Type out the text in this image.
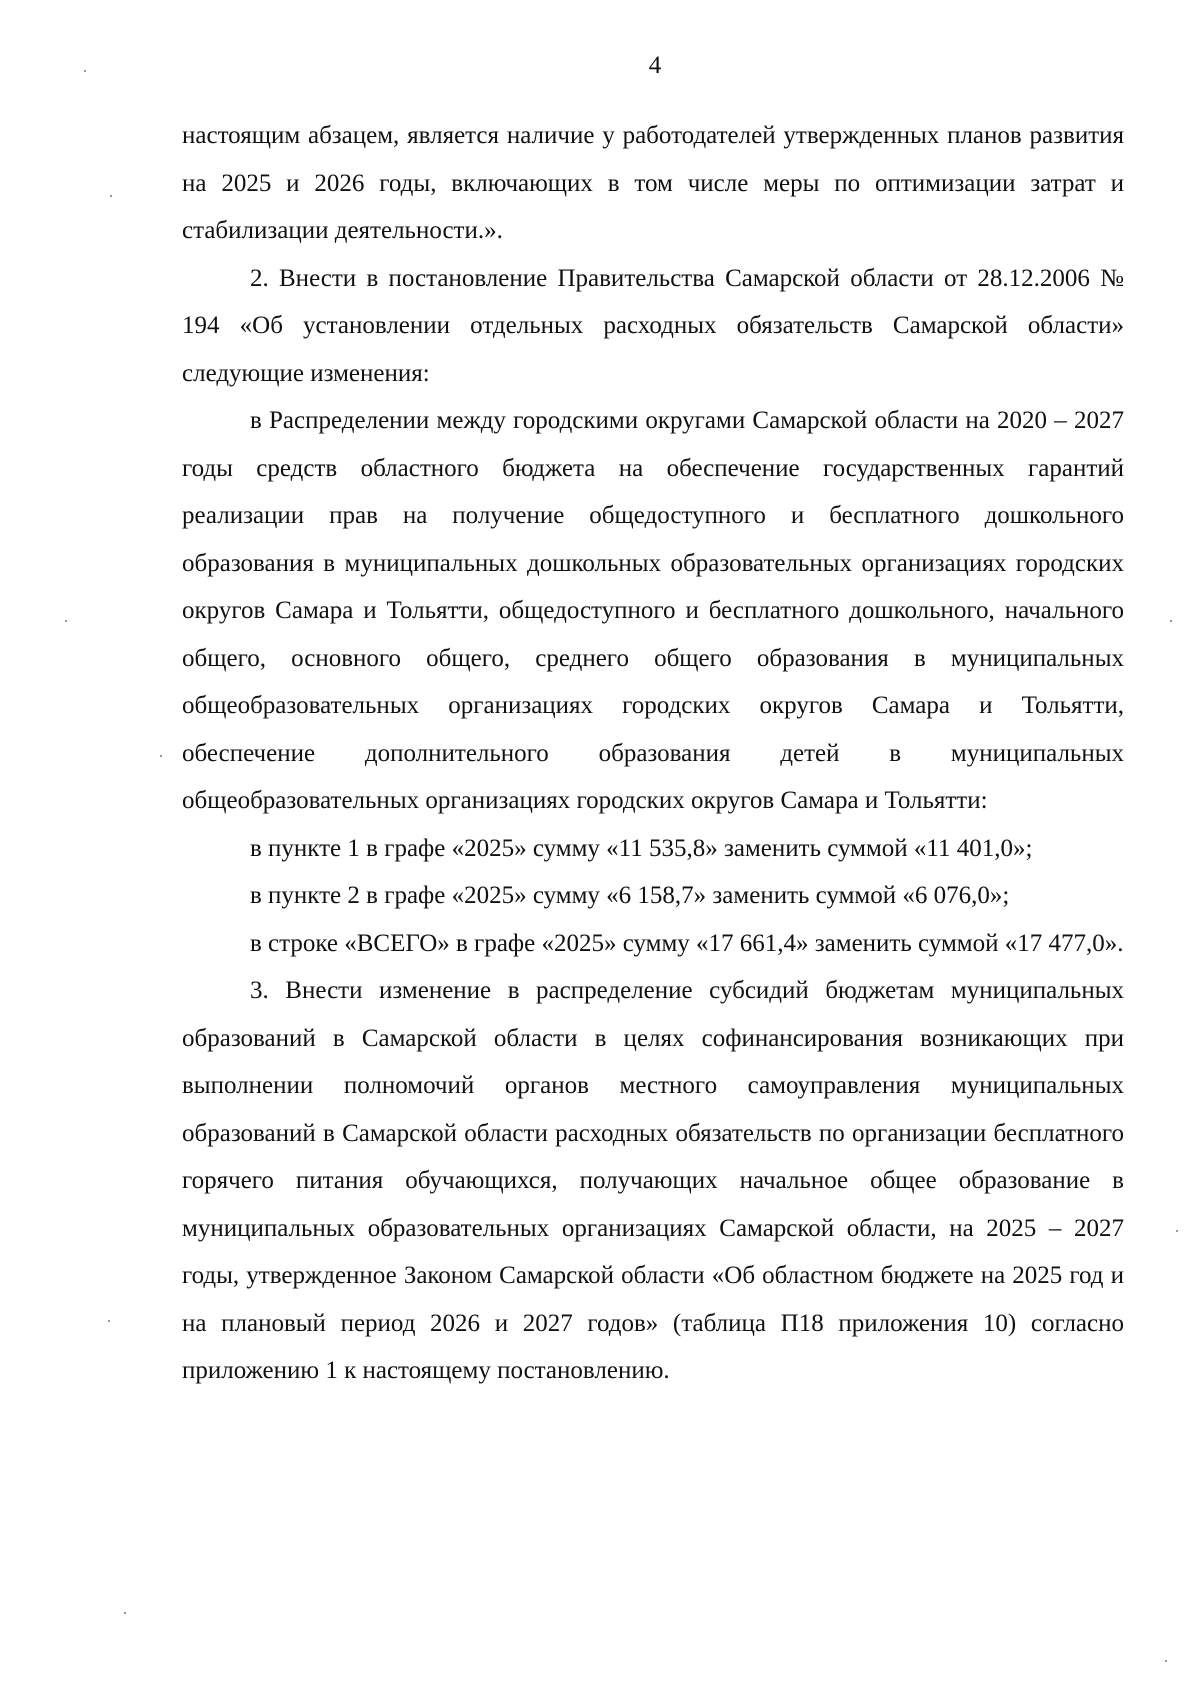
4

настоящим абзацем, является наличие у работодателей утвержденных планов развития на 2025 и 2026 годы, включающих в том числе меры по оптимизации затрат и стабилизации деятельности.».

2. Внести в постановление Правительства Самарской области от 28.12.2006 № 194 «Об установлении отдельных расходных обязательств Самарской области» следующие изменения:

в Распределении между городскими округами Самарской области на 2020 – 2027 годы средств областного бюджета на обеспечение государственных гарантий реализации прав на получение общедоступного и бесплатного дошкольного образования в муниципальных дошкольных образовательных организациях городских округов Самара и Тольятти, общедоступного и бесплатного дошкольного, начального общего, основного общего, среднего общего образования в муниципальных общеобразовательных организациях городских округов Самара и Тольятти, обеспечение дополнительного образования детей в муниципальных общеобразовательных организациях городских округов Самара и Тольятти:

в пункте 1 в графе «2025» сумму «11 535,8» заменить суммой «11 401,0»;

в пункте 2 в графе «2025» сумму «6 158,7» заменить суммой «6 076,0»;

в строке «ВСЕГО» в графе «2025» сумму «17 661,4» заменить суммой «17 477,0».

3. Внести изменение в распределение субсидий бюджетам муниципальных образований в Самарской области в целях софинансирования возникающих при выполнении полномочий органов местного самоуправления муниципальных образований в Самарской области расходных обязательств по организации бесплатного горячего питания обучающихся, получающих начальное общее образование в муниципальных образовательных организациях Самарской области, на 2025 – 2027 годы, утвержденное Законом Самарской области «Об областном бюджете на 2025 год и на плановый период 2026 и 2027 годов» (таблица П18 приложения 10) согласно приложению 1 к настоящему постановлению.
